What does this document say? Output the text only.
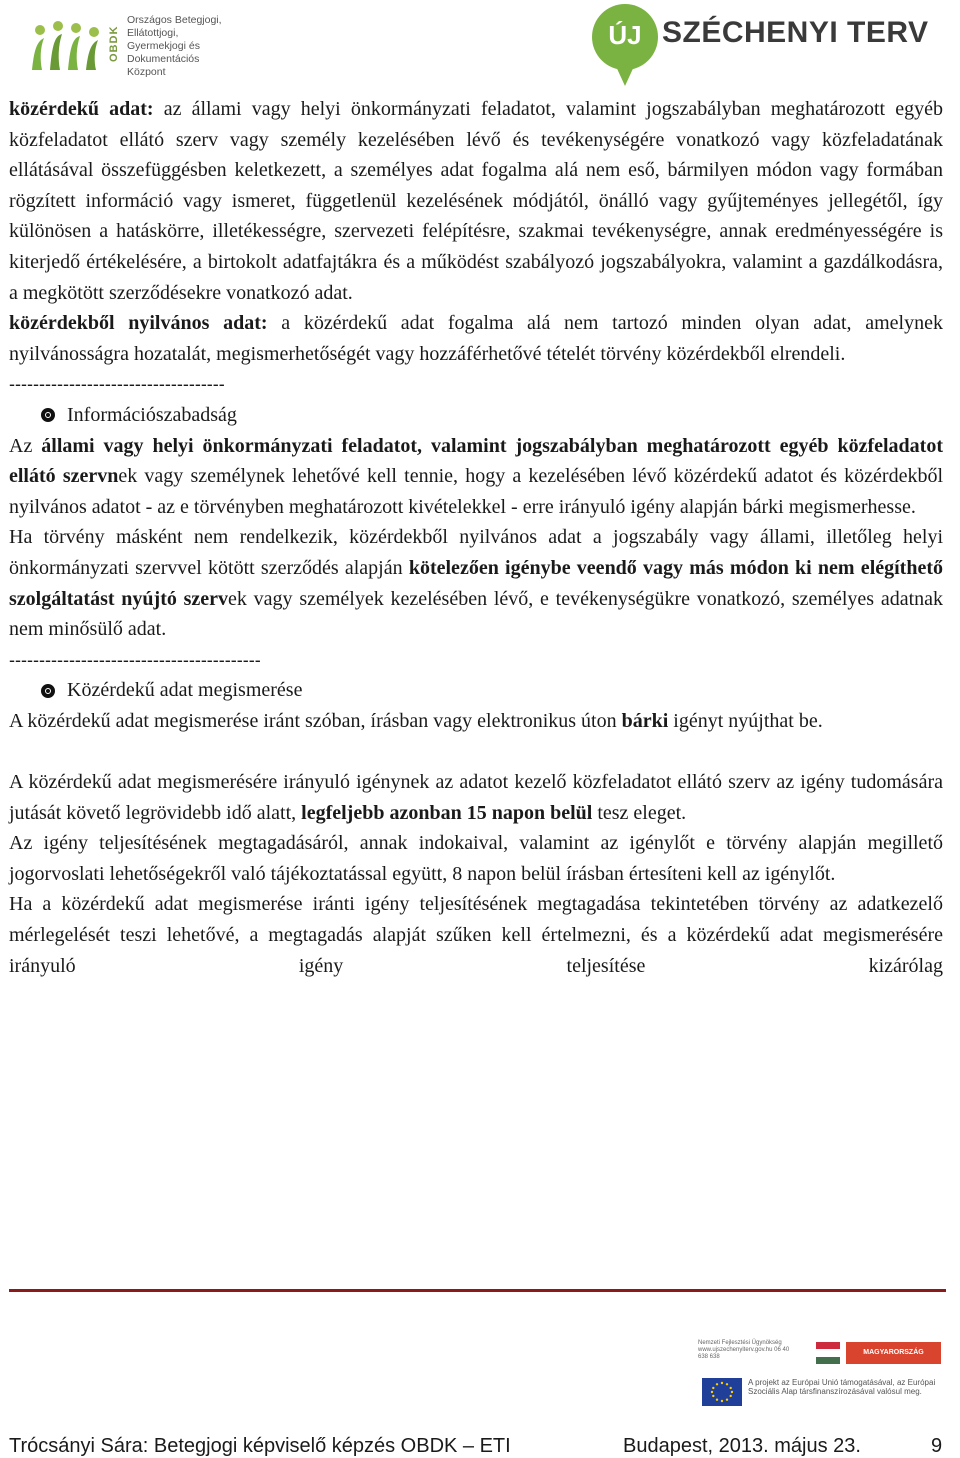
OBDK
Országos Betegjogi,
Ellátottjogi, Gyermekjogi és
Dokumentációs Központ
ÚJ SZÉCHENYI TERV

közérdekű adat: az állami vagy helyi önkormányzati feladatot, valamint jogszabályban meghatározott egyéb közfeladatot ellátó szerv vagy személy kezelésében lévő és tevékenységére vonatkozó vagy közfeladatának ellátásával összefüggésben keletkezett, a személyes adat fogalma alá nem eső, bármilyen módon vagy formában rögzített információ vagy ismeret, függetlenül kezelésének módjától, önálló vagy gyűjteményes jellegétől, így különösen a hatáskörre, illetékességre, szervezeti felépítésre, szakmai tevékenységre, annak eredményességére is kiterjedő értékelésére, a birtokolt adatfajtákra és a működést szabályozó jogszabályokra, valamint a gazdálkodásra, a megkötött szerződésekre vonatkozó adat.

közérdekből nyilvános adat: a közérdekű adat fogalma alá nem tartozó minden olyan adat, amelynek nyilvánosságra hozatalát, megismerhetőségét vagy hozzáférhetővé tételét törvény közérdekből elrendeli.

------------------------------------

Információszabadság

Az állami vagy helyi önkormányzati feladatot, valamint jogszabályban meghatározott egyéb közfeladatot ellátó szervnek vagy személynek lehetővé kell tennie, hogy a kezelésében lévő közérdekű adatot és közérdekből nyilvános adatot - az e törvényben meghatározott kivételekkel - erre irányuló igény alapján bárki megismerhesse.

Ha törvény másként nem rendelkezik, közérdekből nyilvános adat a jogszabály vagy állami, illetőleg helyi önkormányzati szervvel kötött szerződés alapján kötelezően igénybe veendő vagy más módon ki nem elégíthető szolgáltatást nyújtó szervek vagy személyek kezelésében lévő, e tevékenységükre vonatkozó, személyes adatnak nem minősülő adat.

------------------------------------------

Közérdekű adat megismerése

A közérdekű adat megismerése iránt szóban, írásban vagy elektronikus úton bárki igényt nyújthat be.

A közérdekű adat megismerésére irányuló igénynek az adatot kezelő közfeladatot ellátó szerv az igény tudomására jutását követő legrövidebb idő alatt, legfeljebb azonban 15 napon belül tesz eleget.

Az igény teljesítésének megtagadásáról, annak indokaival, valamint az igénylőt e törvény alapján megillető jogorvoslati lehetőségekről való tájékoztatással együtt, 8 napon belül írásban értesíteni kell az igénylőt.

Ha a közérdekű adat megismerése iránti igény teljesítésének megtagadása tekintetében törvény az adatkezelő mérlegelését teszi lehetővé, a megtagadás alapját szűken kell értelmezni, és a közérdekű adat megismerésére irányuló igény teljesítése kizárólag

Nemzeti Fejlesztési Ügynökség www.ujszechenyiterv.gov.hu 06 40 638 638
MAGYARORSZÁG MEGÚJUL
A projekt az Európai Unió támogatásával, az Európai Szociális Alap társfinanszírozásával valósul meg.
Trócsányi Sára: Betegjogi képviselő képzés OBDK – ETI	Budapest, 2013. május 23.	9
